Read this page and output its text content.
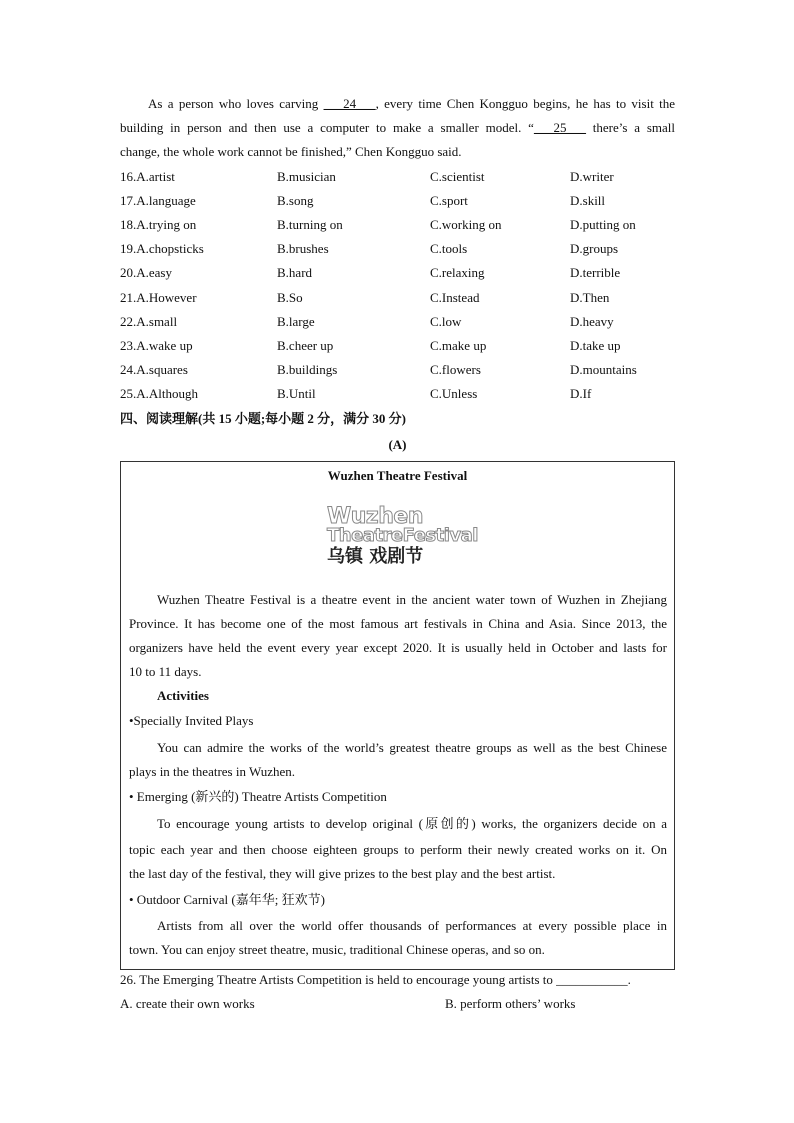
As a person who loves carving ___24___, every time Chen Kongguo begins, he has to visit the
building in person and then use a computer to make a smaller model. “___25___ there’s a small
change, the whole work cannot be finished,” Chen Kongguo said.
16.A.artist	B.musician	C.scientist	D.writer
17.A.language	B.song	C.sport	D.skill
18.A.trying on	B.turning on	C.working on	D.putting on
19.A.chopsticks	B.brushes	C.tools	D.groups
20.A.easy	B.hard	C.relaxing	D.terrible
21.A.However	B.So	C.Instead	D.Then
22.A.small	B.large	C.low	D.heavy
23.A.wake up	B.cheer up	C.make up	D.take up
24.A.squares	B.buildings	C.flowers	D.mountains
25.A.Although	B.Until	C.Unless	D.If
四、阅读理解(共 15 小题;每小题 2 分，满分 30 分)
(A)
Wuzhen Theatre Festival
Wuzhen
TheatreFestival
乌镇 戏剧节
Wuzhen Theatre Festival is a theatre event in the ancient water town of Wuzhen in Zhejiang
Province. It has become one of the most famous art festivals in China and Asia. Since 2013, the
organizers have held the event every year except 2020. It is usually held in October and lasts for
10 to 11 days.
Activities
•Specially Invited Plays
You can admire the works of the world’s greatest theatre groups as well as the best Chinese
plays in the theatres in Wuzhen.
• Emerging (新兴的) Theatre Artists Competition
To encourage young artists to develop original (原创的) works, the organizers decide on a
topic each year and then choose eighteen groups to perform their newly created works on it. On
the last day of the festival, they will give prizes to the best play and the best artist.
• Outdoor Carnival (嘉年华; 狂欢节)
Artists from all over the world offer thousands of performances at every possible place in
town. You can enjoy street theatre, music, traditional Chinese operas, and so on.
26. The Emerging Theatre Artists Competition is held to encourage young artists to ___________.
A. create their own works	B. perform others’ works
